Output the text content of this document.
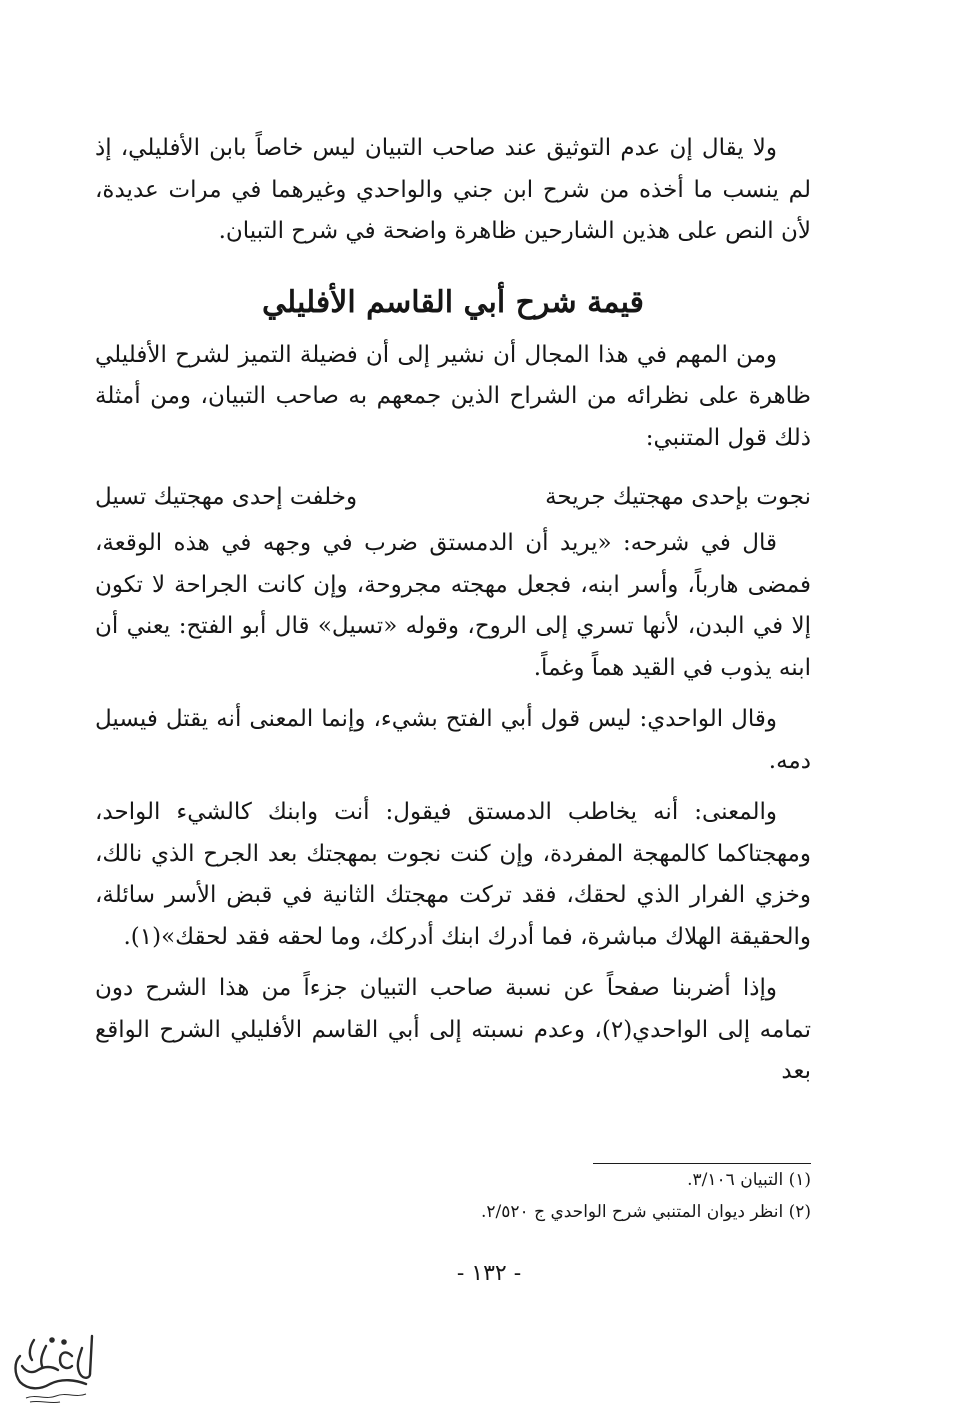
ولا يقال إن عدم التوثيق عند صاحب التبيان ليس خاصاً بابن الأفليلي، إذ لم ينسب ما أخذه من شرح ابن جني والواحدي وغيرهما في مرات عديدة، لأن النص على هذين الشارحين ظاهرة واضحة في شرح التبيان.

قيمة شرح أبي القاسم الأفليلي

ومن المهم في هذا المجال أن نشير إلى أن فضيلة التميز لشرح الأفليلي ظاهرة على نظرائه من الشراح الذين جمعهم به صاحب التبيان، ومن أمثلة ذلك قول المتنبي:

نجوت بإحدى مهجتيك جريحة
وخلفت إحدى مهجتيك تسيل

قال في شرحه: «يريد أن الدمستق ضرب في وجهه في هذه الوقعة، فمضى هارباً، وأسر ابنه، فجعل مهجته مجروحة، وإن كانت الجراحة لا تكون إلا في البدن، لأنها تسري إلى الروح، وقوله «تسيل» قال أبو الفتح: يعني أن ابنه يذوب في القيد هماً وغماً.

وقال الواحدي: ليس قول أبي الفتح بشيء، وإنما المعنى أنه يقتل فيسيل دمه.

والمعنى: أنه يخاطب الدمستق فيقول: أنت وابنك كالشيء الواحد، ومهجتاكما كالمهجة المفردة، وإن كنت نجوت بمهجتك بعد الجرح الذي نالك، وخزي الفرار الذي لحقك، فقد تركت مهجتك الثانية في قبض الأسر سائلة، والحقيقة الهلاك مباشرة، فما أدرك ابنك أدركك، وما لحقه فقد لحقك»(١).

وإذا أضربنا صفحاً عن نسبة صاحب التبيان جزءاً من هذا الشرح دون تمامه إلى الواحدي(٢)، وعدم نسبته إلى أبي القاسم الأفليلي الشرح الواقع بعد

(١) التبيان ٣/١٠٦.

(٢) انظر ديوان المتنبي شرح الواحدي ج ٢/٥٢٠.

- ١٣٢ -
